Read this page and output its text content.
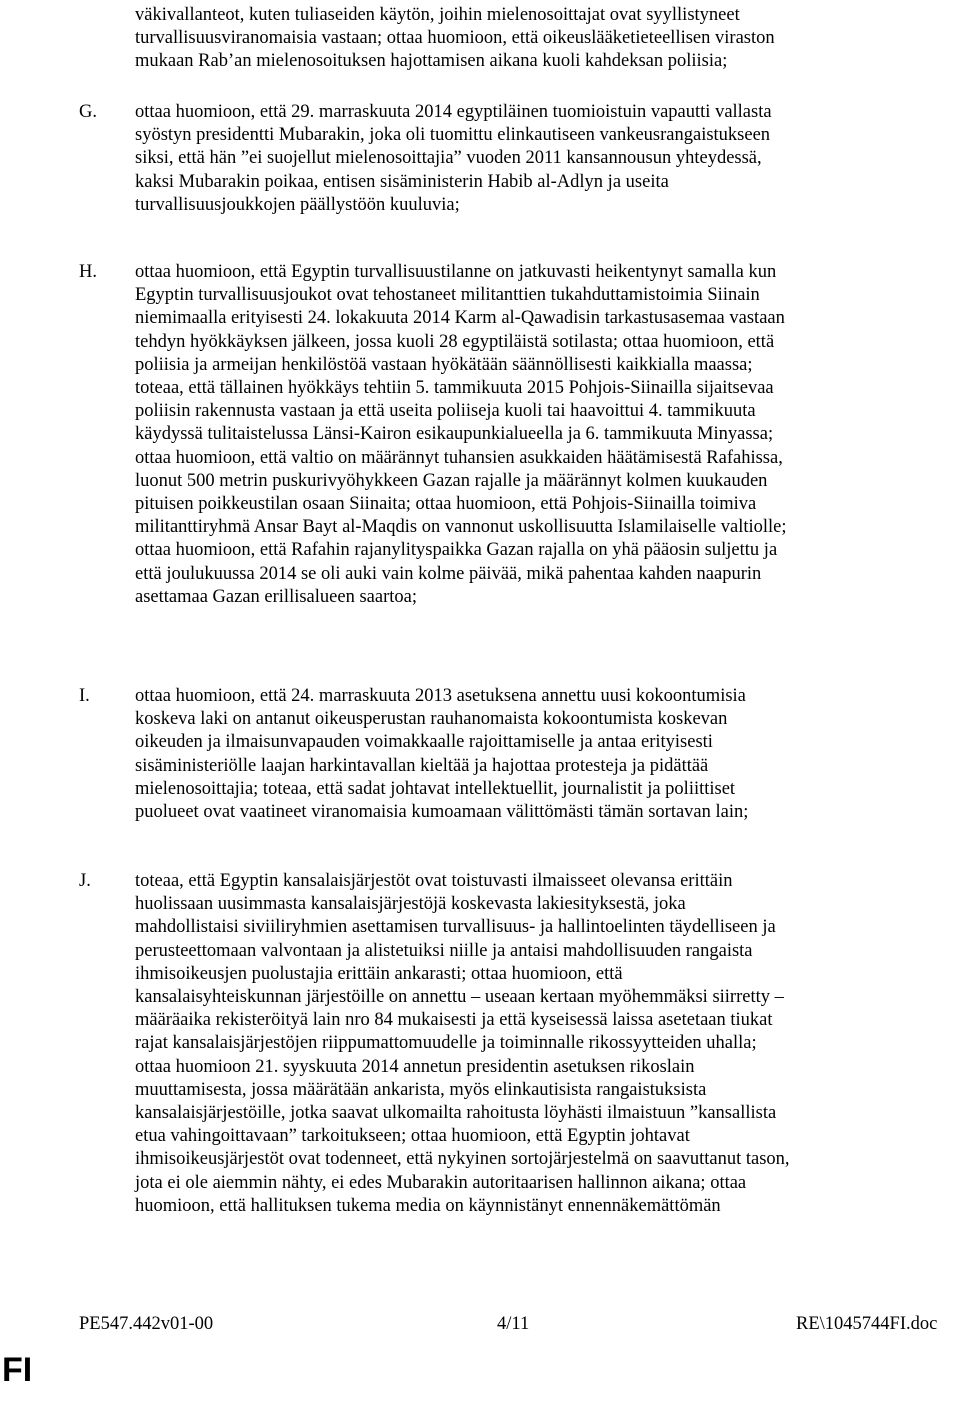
väkivallanteot, kuten tuliaseiden käytön, joihin mielenosoittajat ovat syyllistyneet
turvallisuusviranomaisia vastaan; ottaa huomioon, että oikeuslääketieteellisen viraston
mukaan Rab’an mielenosoituksen hajottamisen aikana kuoli kahdeksan poliisia;
G. ottaa huomioon, että 29. marraskuuta 2014 egyptiläinen tuomioistuin vapautti vallasta
syöstyn presidentti Mubarakin, joka oli tuomittu elinkautiseen vankeusrangaistukseen
siksi, että hän ”ei suojellut mielenosoittajia” vuoden 2011 kansannousun yhteydessä,
kaksi Mubarakin poikaa, entisen sisäministerin Habib al-Adlyn ja useita
turvallisuusjoukkojen päällystöön kuuluvia;
H. ottaa huomioon, että Egyptin turvallisuustilanne on jatkuvasti heikentynyt samalla kun
Egyptin turvallisuusjoukot ovat tehostaneet militanttien tukahduttamistoimia Siinain
niemimaalla erityisesti 24. lokakuuta 2014 Karm al-Qawadisin tarkastusasemaa vastaan
tehdyn hyökkäyksen jälkeen, jossa kuoli 28 egyptiläistä sotilasta; ottaa huomioon, että
poliisia ja armeijan henkilöstöä vastaan hyökätään säännöllisesti kaikkialla maassa;
toteaa, että tällainen hyökkäys tehtiin 5. tammikuuta 2015 Pohjois-Siinailla sijaitsevaa
poliisin rakennusta vastaan ja että useita poliiseja kuoli tai haavoittui 4. tammikuuta
käydyssä tulitaistelussa Länsi-Kairon esikaupunkialueella ja 6. tammikuuta Minyassa;
ottaa huomioon, että valtio on määrännyt tuhansien asukkaiden häätämisestä Rafahissa,
luonut 500 metrin puskurivyöhykkeen Gazan rajalle ja määrännyt kolmen kuukauden
pituisen poikkeustilan osaan Siinaita; ottaa huomioon, että Pohjois-Siinailla toimiva
militanttiryhmä Ansar Bayt al-Maqdis on vannonut uskollisuutta Islamilaiselle valtiolle;
ottaa huomioon, että Rafahin rajanylityspaikka Gazan rajalla on yhä pääosin suljettu ja
että joulukuussa 2014 se oli auki vain kolme päivää, mikä pahentaa kahden naapurin
asettamaa Gazan erillisalueen saartoa;
I. ottaa huomioon, että 24. marraskuuta 2013 asetuksena annettu uusi kokoontumisia
koskeva laki on antanut oikeusperustan rauhanomaista kokoontumista koskevan
oikeuden ja ilmaisunvapauden voimakkaalle rajoittamiselle ja antaa erityisesti
sisäministeriölle laajan harkintavallan kieltää ja hajottaa protesteja ja pidättää
mielenosoittajia; toteaa, että sadat johtavat intellektuellit, journalistit ja poliittiset
puolueet ovat vaatineet viranomaisia kumoamaan välittömästi tämän sortavan lain;
J. toteaa, että Egyptin kansalaisjärjestöt ovat toistuvasti ilmaisseet olevansa erittäin
huolissaan uusimmasta kansalaisjärjestöjä koskevasta lakiesityksestä, joka
mahdollistaisi siviiliryhmien asettamisen turvallisuus- ja hallintoelinten täydelliseen ja
perusteettomaan valvontaan ja alistetuiksi niille ja antaisi mahdollisuuden rangaista
ihmisoikeusjen puolustajia erittäin ankarasti; ottaa huomioon, että
kansalaisyhteiskunnan järjestöille on annettu – useaan kertaan myöhemmäksi siirretty –
määräaika rekisteröityä lain nro 84 mukaisesti ja että kyseisessä laissa asetetaan tiukat
rajat kansalaisjärjestöjen riippumattomuudelle ja toiminnalle rikossyytteiden uhalla;
ottaa huomioon 21. syyskuuta 2014 annetun presidentin asetuksen rikoslain
muuttamisesta, jossa määrätään ankarista, myös elinkautisista rangaistuksista
kansalaisjärjestöille, jotka saavat ulkomailta rahoitusta löyhästi ilmaistuun ”kansallista
etua vahingoittavaan” tarkoitukseen; ottaa huomioon, että Egyptin johtavat
ihmisoikeusjärjestöt ovat todenneet, että nykyinen sortojärjestelmä on saavuttanut tason,
jota ei ole aiemmin nähty, ei edes Mubarakin autoritaarisen hallinnon aikana; ottaa
huomioon, että hallituksen tukema media on käynnistänyt ennennäkemättömän
PE547.442v01-00	4/11	RE\1045744FI.doc
FI
